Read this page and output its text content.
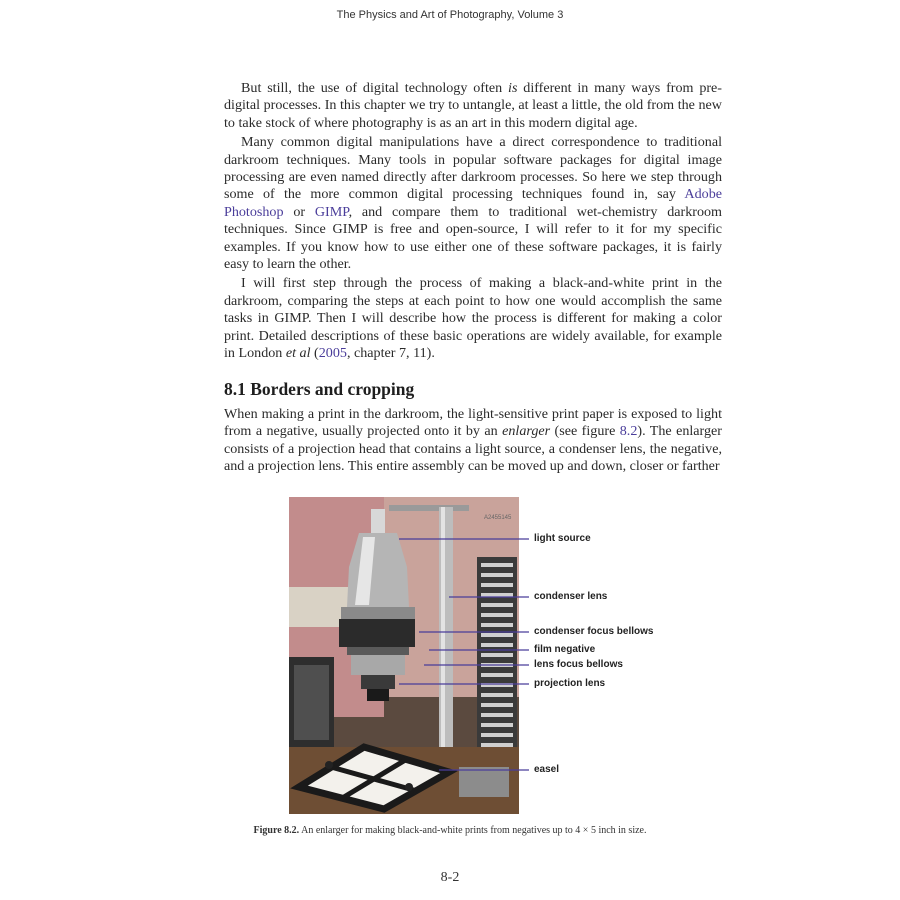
The Physics and Art of Photography, Volume 3

But still, the use of digital technology often is different in many ways from pre-digital processes. In this chapter we try to untangle, at least a little, the old from the new to take stock of where photography is as an art in this modern digital age.

Many common digital manipulations have a direct correspondence to traditional darkroom techniques. Many tools in popular software packages for digital image processing are even named directly after darkroom processes. So here we step through some of the more common digital processing techniques found in, say Adobe Photoshop or GIMP, and compare them to traditional wet-chemistry darkroom techniques. Since GIMP is free and open-source, I will refer to it for my specific examples. If you know how to use either one of these software packages, it is fairly easy to learn the other.

I will first step through the process of making a black-and-white print in the darkroom, comparing the steps at each point to how one would accomplish the same tasks in GIMP. Then I will describe how the process is different for making a color print. Detailed descriptions of these basic operations are widely available, for example in London et al (2005, chapter 7, 11).

8.1 Borders and cropping

When making a print in the darkroom, the light-sensitive print paper is exposed to light from a negative, usually projected onto it by an enlarger (see figure 8.2). The enlarger consists of a projection head that contains a light source, a condenser lens, the negative, and a projection lens. This entire assembly can be moved up and down, closer or farther

A2455145
light source
condenser lens
condenser focus bellows
film negative
lens focus bellows
projection lens
easel
Figure 8.2. An enlarger for making black-and-white prints from negatives up to 4 × 5 inch in size.
8-2
